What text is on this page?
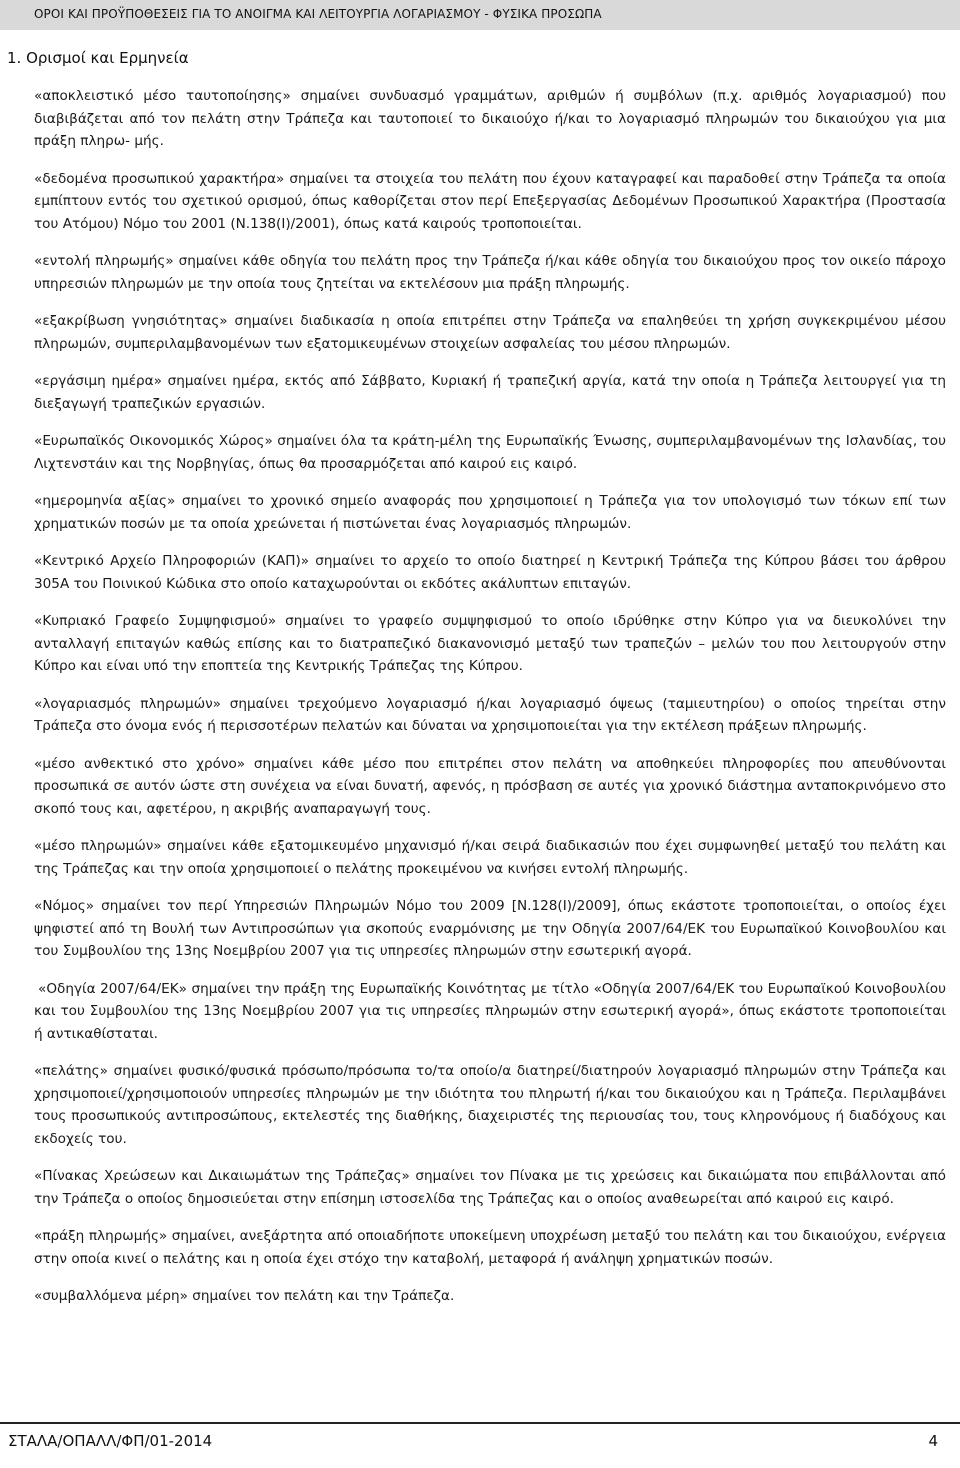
ΟΡΟΙ ΚΑΙ ΠΡΟΫΠΟΘΕΣΕΙΣ ΓΙΑ ΤΟ ΑΝΟΙΓΜΑ ΚΑΙ ΛΕΙΤΟΥΡΓΙΑ ΛΟΓΑΡΙΑΣΜΟΥ - ΦΥΣΙΚΑ ΠΡΟΣΩΠΑ
1. Ορισμοί και Ερμηνεία

«αποκλειστικό μέσο ταυτοποίησης» σημαίνει συνδυασμό γραμμάτων, αριθμών ή συμβόλων (π.χ. αριθμός λογαριασμού) που διαβιβάζεται από τον πελάτη στην Τράπεζα και ταυτοποιεί το δικαιούχο ή/και το λογαριασμό πληρωμών του δικαιούχου για μια πράξη πληρω- μής.

«δεδομένα προσωπικού χαρακτήρα» σημαίνει τα στοιχεία του πελάτη που έχουν καταγραφεί και παραδοθεί στην Τράπεζα τα οποία εμπίπτουν εντός του σχετικού ορισμού, όπως καθορίζεται στον περί Επεξεργασίας Δεδομένων Προσωπικού Χαρακτήρα (Προστασία του Ατόμου) Νόμο του 2001 (Ν.138(Ι)/2001), όπως κατά καιρούς τροποποιείται.

«εντολή πληρωμής» σημαίνει κάθε οδηγία του πελάτη προς την Τράπεζα ή/και κάθε οδηγία του δικαιούχου προς τον οικείο πάροχο υπηρεσιών πληρωμών με την οποία τους ζητείται να εκτελέσουν μια πράξη πληρωμής.

«εξακρίβωση γνησιότητας» σημαίνει διαδικασία η οποία επιτρέπει στην Τράπεζα να επαληθεύει τη χρήση συγκεκριμένου μέσου πληρωμών, συμπεριλαμβανομένων των εξατομικευμένων στοιχείων ασφαλείας του μέσου πληρωμών.

«εργάσιμη ημέρα» σημαίνει ημέρα, εκτός από Σάββατο, Κυριακή ή τραπεζική αργία, κατά την οποία η Τράπεζα λειτουργεί για τη διεξαγωγή τραπεζικών εργασιών.

«Ευρωπαϊκός Οικονομικός Χώρος» σημαίνει όλα τα κράτη-μέλη της Ευρωπαϊκής Ένωσης, συμπεριλαμβανομένων της Ισλανδίας, του Λιχτενστάιν και της Νορβηγίας, όπως θα προσαρμόζεται από καιρού εις καιρό.

«ημερομηνία αξίας» σημαίνει το χρονικό σημείο αναφοράς που χρησιμοποιεί η Τράπεζα για τον υπολογισμό των τόκων επί των χρηματικών ποσών με τα οποία χρεώνεται ή πιστώνεται ένας λογαριασμός πληρωμών.

«Κεντρικό Αρχείο Πληροφοριών (ΚΑΠ)» σημαίνει το αρχείο το οποίο διατηρεί η Κεντρική Τράπεζα της Κύπρου βάσει του άρθρου 305Α του Ποινικού Κώδικα στο οποίο καταχωρούνται οι εκδότες ακάλυπτων επιταγών.

«Κυπριακό Γραφείο Συμψηφισμού» σημαίνει το γραφείο συμψηφισμού το οποίο ιδρύθηκε στην Κύπρο για να διευκολύνει την ανταλλαγή επιταγών καθώς επίσης και το διατραπεζικό διακανονισμό μεταξύ των τραπεζών – μελών του που λειτουργούν στην Κύπρο και είναι υπό την εποπτεία της Κεντρικής Τράπεζας της Κύπρου.

«λογαριασμός πληρωμών» σημαίνει τρεχούμενο λογαριασμό ή/και λογαριασμό όψεως (ταμιευτηρίου) ο οποίος τηρείται στην Τράπεζα στο όνομα ενός ή περισσοτέρων πελατών και δύναται να χρησιμοποιείται για την εκτέλεση πράξεων πληρωμής.

«μέσο ανθεκτικό στο χρόνο» σημαίνει κάθε μέσο που επιτρέπει στον πελάτη να αποθηκεύει πληροφορίες που απευθύνονται προσωπικά σε αυτόν ώστε στη συνέχεια να είναι δυνατή, αφενός, η πρόσβαση σε αυτές για χρονικό διάστημα ανταποκρινόμενο στο σκοπό τους και, αφετέρου, η ακριβής αναπαραγωγή τους.

«μέσο πληρωμών» σημαίνει κάθε εξατομικευμένο μηχανισμό ή/και σειρά διαδικασιών που έχει συμφωνηθεί μεταξύ του πελάτη και της Τράπεζας και την οποία χρησιμοποιεί ο πελάτης προκειμένου να κινήσει εντολή πληρωμής.

«Νόμος» σημαίνει τον περί Υπηρεσιών Πληρωμών Νόμο του 2009 [Ν.128(Ι)/2009], όπως εκάστοτε τροποποιείται, ο οποίος έχει ψηφιστεί από τη Βουλή των Αντιπροσώπων για σκοπούς εναρμόνισης με την Οδηγία 2007/64/ΕΚ του Ευρωπαϊκού Κοινοβουλίου και του Συμβουλίου της 13ης Νοεμβρίου 2007 για τις υπηρεσίες πληρωμών στην εσωτερική αγορά.

«Οδηγία 2007/64/ΕΚ» σημαίνει την πράξη της Ευρωπαϊκής Κοινότητας με τίτλο «Οδηγία 2007/64/ΕΚ του Ευρωπαϊκού Κοινοβουλίου και του Συμβουλίου της 13ης Νοεμβρίου 2007 για τις υπηρεσίες πληρωμών στην εσωτερική αγορά», όπως εκάστοτε τροποποιείται ή αντικαθίσταται.

«πελάτης» σημαίνει φυσικό/φυσικά πρόσωπο/πρόσωπα το/τα οποίο/α διατηρεί/διατηρούν λογαριασμό πληρωμών στην Τράπεζα και χρησιμοποιεί/χρησιμοποιούν υπηρεσίες πληρωμών με την ιδιότητα του πληρωτή ή/και του δικαιούχου και η Τράπεζα. Περιλαμβάνει τους προσωπικούς αντιπροσώπους, εκτελεστές της διαθήκης, διαχειριστές της περιουσίας του, τους κληρονόμους ή διαδόχους και εκδοχείς του.

«Πίνακας Χρεώσεων και Δικαιωμάτων της Τράπεζας» σημαίνει τον Πίνακα με τις χρεώσεις και δικαιώματα που επιβάλλονται από την Τράπεζα ο οποίος δημοσιεύεται στην επίσημη ιστοσελίδα της Τράπεζας και ο οποίος αναθεωρείται από καιρού εις καιρό.

«πράξη πληρωμής» σημαίνει, ανεξάρτητα από οποιαδήποτε υποκείμενη υποχρέωση μεταξύ του πελάτη και του δικαιούχου, ενέργεια στην οποία κινεί ο πελάτης και η οποία έχει στόχο την καταβολή, μεταφορά ή ανάληψη χρηματικών ποσών.

«συμβαλλόμενα μέρη» σημαίνει τον πελάτη και την Τράπεζα.

ΣΤΑΛΑ/ΟΠΑΛΛ/ΦΠ/01-2014	4
